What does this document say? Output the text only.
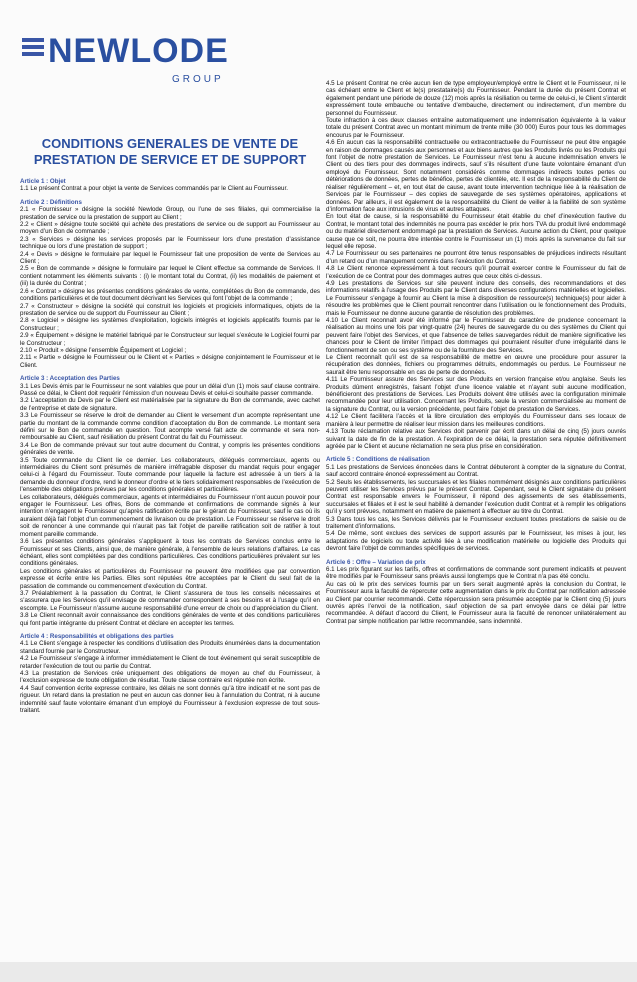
NEWLODE
GROUP
CONDITIONS GENERALES DE VENTE DE PRESTATION DE SERVICE ET DE SUPPORT
Article 1 : Objet
1.1 Le présent Contrat a pour objet la vente de Services commandés par le Client au Fournisseur.
Article 2 : Définitions
2.1 « Fournisseur » désigne la société Newlode Group, ou l’une de ses filiales, qui commercialise la prestation de service ou la prestation de support au Client ;
2.2 « Client » désigne toute société qui achète des prestations de service ou de support au Fournisseur au moyen d’un Bon de commande ;
2.3 « Services » désigne les services proposés par le Fournisseur lors d’une prestation d’assistance technique ou lors d’une prestation de support ;
2.4 « Devis » désigne le formulaire par lequel le Fournisseur fait une proposition de vente de Services au Client ;
2.5 « Bon de commande » désigne le formulaire par lequel le Client effectue sa commande de Services. Il contient notamment les éléments suivants : (i) le montant total du Contrat, (ii) les modalités de paiement et (iii) la durée du Contrat ;
2.6 « Contrat » désigne les présentes conditions générales de vente, complétées du Bon de commande, des conditions particulières et de tout document décrivant les Services qui font l’objet de la commande ;
2.7 « Constructeur » désigne la société qui construit les logiciels et progiciels informatiques, objets de la prestation de service ou de support du Fournisseur au Client ;
2.8 « Logiciel » désigne les systèmes d’exploitation, logiciels intégrés et logiciels applicatifs fournis par le Constructeur ;
2.9 « Équipement » désigne le matériel fabriqué par le Constructeur sur lequel s’exécute le Logiciel fourni par le Constructeur ;
2.10 « Produit » désigne l’ensemble Équipement et Logiciel ;
2.11 « Partie » désigne le Fournisseur ou le Client et « Parties » désigne conjointement le Fournisseur et le Client.
Article 3 : Acceptation des Parties
3.1 Les Devis émis par le Fournisseur ne sont valables que pour un délai d’un (1) mois sauf clause contraire. Passé ce délai, le Client doit requérir l’émission d’un nouveau Devis et celui-ci souhaite passer commande.
3.2 L’acceptation du Devis par le Client est matérialisée par la signature du Bon de commande, avec cachet de l’entreprise et date de signature.
3.3 Le Fournisseur se réserve le droit de demander au Client le versement d’un acompte représentant une partie du montant de la commande comme condition d’acceptation du Bon de commande. Le montant sera défini sur le Bon de commande en question. Tout acompte versé fait acte de commande et sera non-remboursable au Client, sauf résiliation du présent Contrat du fait du Fournisseur.
3.4 Le Bon de commande prévaut sur tout autre document du Contrat, y compris les présentes conditions générales de vente.
3.5 Toute commande du Client lie ce dernier. Les collaborateurs, délégués commerciaux, agents ou intermédiaires du Client sont présumés de manière irréfragable disposer du mandat requis pour engager celui-ci à l’égard du Fournisseur. Toute commande pour laquelle la facture est adressée à un tiers à la demande du donneur d’ordre, rend le donneur d’ordre et le tiers solidairement responsables de l’exécution de l’ensemble des obligations prévues par les conditions générales et particulières.
Les collaborateurs, délégués commerciaux, agents et intermédiaires du Fournisseur n’ont aucun pouvoir pour engager le Fournisseur. Les offres, Bons de commande et confirmations de commande signés à leur intention n’engagent le Fournisseur qu’après ratification écrite par le gérant du Fournisseur, sauf le cas où ils auraient déjà fait l’objet d’un commencement de livraison ou de prestation. Le Fournisseur se réserve le droit soit de renoncer à une commande qui n’aurait pas fait l’objet de pareille ratification soit de ratifier à tout moment pareille commande.
3.6 Les présentes conditions générales s’appliquent à tous les contrats de Services conclus entre le Fournisseur et ses Clients, ainsi que, de manière générale, à l’ensemble de leurs relations d’affaires. Le cas échéant, elles sont complétées par des conditions particulières. Ces conditions particulières prévalent sur les conditions générales.
Les conditions générales et particulières du Fournisseur ne peuvent être modifiées que par convention expresse et écrite entre les Parties. Elles sont réputées être acceptées par le Client du seul fait de la passation de commande ou commencement d’exécution du Contrat.
3.7 Préalablement à la passation du Contrat, le Client s’assurera de tous les conseils nécessaires et s’assurera que les Services qu’il envisage de commander correspondent à ses besoins et à l’usage qu’il en escompte. Le Fournisseur n’assume aucune responsabilité d’une erreur de choix ou d’appréciation du Client.
3.8 Le Client reconnaît avoir connaissance des conditions générales de vente et des conditions particulières qui font partie intégrante du présent Contrat et déclare en accepter les termes.
Article 4 : Responsabilités et obligations des parties
4.1 Le Client s’engage à respecter les conditions d’utilisation des Produits énumérées dans la documentation standard fournie par le Constructeur.
4.2 Le Fournisseur s’engage à informer immédiatement le Client de tout événement qui serait susceptible de retarder l’exécution de tout ou partie du Contrat.
4.3 La prestation de Services crée uniquement des obligations de moyen au chef du Fournisseur, à l’exclusion expresse de toute obligation de résultat. Toute clause contraire est réputée non écrite.
4.4 Sauf convention écrite expresse contraire, les délais ne sont donnés qu’à titre indicatif et ne sont pas de rigueur. Un retard dans la prestation ne peut en aucun cas donner lieu à l’annulation du Contrat, ni à aucune indemnité sauf faute volontaire émanant d’un employé du Fournisseur à l’exclusion expresse de tout sous-traitant.
4.5 Le présent Contrat ne crée aucun lien de type employeur/employé entre le Client et le Fournisseur, ni le cas échéant entre le Client et le(s) prestataire(s) du Fournisseur. Pendant la durée du présent Contrat et également pendant une période de douze (12) mois après la résiliation ou terme de celui-ci, le Client s’interdit expressément toute embauche ou tentative d’embauche, directement ou indirectement, d’un membre du personnel du Fournisseur.
Toute infraction à ces deux clauses entraîne automatiquement une indemnisation équivalente à la valeur totale du présent Contrat avec un montant minimum de trente mille (30 000) Euros pour tous les dommages encourus par le Fournisseur.
4.6 En aucun cas la responsabilité contractuelle ou extracontractuelle du Fournisseur ne peut être engagée en raison de dommages causés aux personnes et aux biens autres que les Produits livrés ou les Produits qui font l’objet de notre prestation de Services. Le Fournisseur n’est tenu à aucune indemnisation envers le Client ou des tiers pour des dommages indirects, sauf s’ils résultent d’une faute volontaire émanant d’un employé du Fournisseur. Sont notamment considérés comme dommages indirects toutes pertes ou détériorations de données, pertes de bénéfice, pertes de clientèle, etc. Il est de la responsabilité du Client de réaliser régulièrement – et, en tout état de cause, avant toute intervention technique liée à la réalisation de Services par le Fournisseur – des copies de sauvegarde de ses systèmes opératoires, applications et données. Par ailleurs, il est également de la responsabilité du Client de veiller à la fiabilité de son système d’information face aux intrusions de virus et autres attaques.
En tout état de cause, si la responsabilité du Fournisseur était établie du chef d’inexécution fautive du Contrat, le montant total des indemnités ne pourra pas excéder le prix hors TVA du produit livré endommagé ou du matériel directement endommagé par la prestation de Services. Aucune action du Client, pour quelque cause que ce soit, ne pourra être intentée contre le Fournisseur un (1) mois après la survenance du fait sur lequel elle repose.
4.7 Le Fournisseur ou ses partenaires ne pourront être tenus responsables de préjudices indirects résultant d’un retard ou d’un manquement commis dans l’exécution du Contrat.
4.8 Le Client renonce expressément à tout recours qu’il pourrait exercer contre le Fournisseur du fait de l’exécution de ce Contrat pour des dommages autres que ceux cités ci-dessus.
4.9 Les prestations de Services sur site peuvent inclure des conseils, des recommandations et des informations relatifs à l’usage des Produits par le Client dans diverses configurations matérielles et logicielles. Le Fournisseur s’engage à fournir au Client la mise à disposition de ressource(s) technique(s) pour aider à résoudre les problèmes que le Client pourrait rencontrer dans l’utilisation ou le fonctionnement des Produits, mais le Fournisseur ne donne aucune garantie de résolution des problèmes.
4.10 Le Client reconnaît avoir été informé par le Fournisseur du caractère de prudence concernant la réalisation au moins une fois par vingt-quatre (24) heures de sauvegarde du ou des systèmes du Client qui peuvent faire l’objet des Services, et que l’absence de telles sauvegardes réduit de manière significative les chances pour le Client de limiter l’impact des dommages qui pourraient résulter d’une irrégularité dans le fonctionnement de son ou ses système ou de la fourniture des Services.
Le Client reconnaît qu’il est de sa responsabilité de mettre en œuvre une procédure pour assurer la récupération des données, fichiers ou programmes détruits, endommagés ou perdus. Le Fournisseur ne saurait être tenu responsable en cas de perte de données.
4.11 Le Fournisseur assure des Services sur des Produits en version française et/ou anglaise. Seuls les Produits dûment enregistrés, faisant l’objet d’une licence valable et n’ayant subi aucune modification, bénéficieront des prestations de Services. Les Produits doivent être utilisés avec la configuration minimale recommandée pour leur utilisation. Concernant les Produits, seule la version commercialisée au moment de la signature du Contrat, ou la version précédente, peut faire l’objet de prestation de Services.
4.12 Le Client facilitera l’accès et la libre circulation des employés du Fournisseur dans ses locaux de manière à leur permettre de réaliser leur mission dans les meilleures conditions.
4.13 Toute réclamation relative aux Services doit parvenir par écrit dans un délai de cinq (5) jours ouvrés suivant la date de fin de la prestation. A l’expiration de ce délai, la prestation sera réputée définitivement agréée par le Client et aucune réclamation ne sera plus prise en considération.
Article 5 : Conditions de réalisation
5.1 Les prestations de Services énoncées dans le Contrat débuteront à compter de la signature du Contrat, sauf accord contraire énoncé expressément au Contrat.
5.2 Seuls les établissements, les succursales et les filiales nommément désignés aux conditions particulières peuvent utiliser les Services prévus par le présent Contrat. Cependant, seul le Client signataire du présent Contrat est responsable envers le Fournisseur, il répond des agissements de ses établissements, succursales et filiales et il est le seul habilité à demander l’exécution dudit Contrat et à remplir les obligations qu’il y sont prévues, notamment en matière de paiement à effectuer au titre du Contrat.
5.3 Dans tous les cas, les Services délivrés par le Fournisseur excluent toutes prestations de saisie ou de traitement d’informations.
5.4 De même, sont exclues des services de support assurés par le Fournisseur, les mises à jour, les adaptations de logiciels ou toute activité liée à une modification matérielle ou logicielle des Produits qui devront faire l’objet de commandes spécifiques de services.
Article 6 : Offre – Variation de prix
6.1 Les prix figurant sur les tarifs, offres et confirmations de commande sont purement indicatifs et peuvent être modifiés par le Fournisseur sans préavis aussi longtemps que le Contrat n’a pas été conclu.
Au cas où le prix des services fournis par un tiers serait augmenté après la conclusion du Contrat, le Fournisseur aura la faculté de répercuter cette augmentation dans le prix du Contrat par notification adressée au Client par courrier recommandé. Cette répercussion sera présumée acceptée par le Client cinq (5) jours ouvrés après l’envoi de la notification, sauf objection de sa part envoyée dans ce délai par lettre recommandée. A défaut d’accord du Client, le Fournisseur aura la faculté de renoncer unilatéralement au Contrat par simple notification par lettre recommandée, sans indemnité.
